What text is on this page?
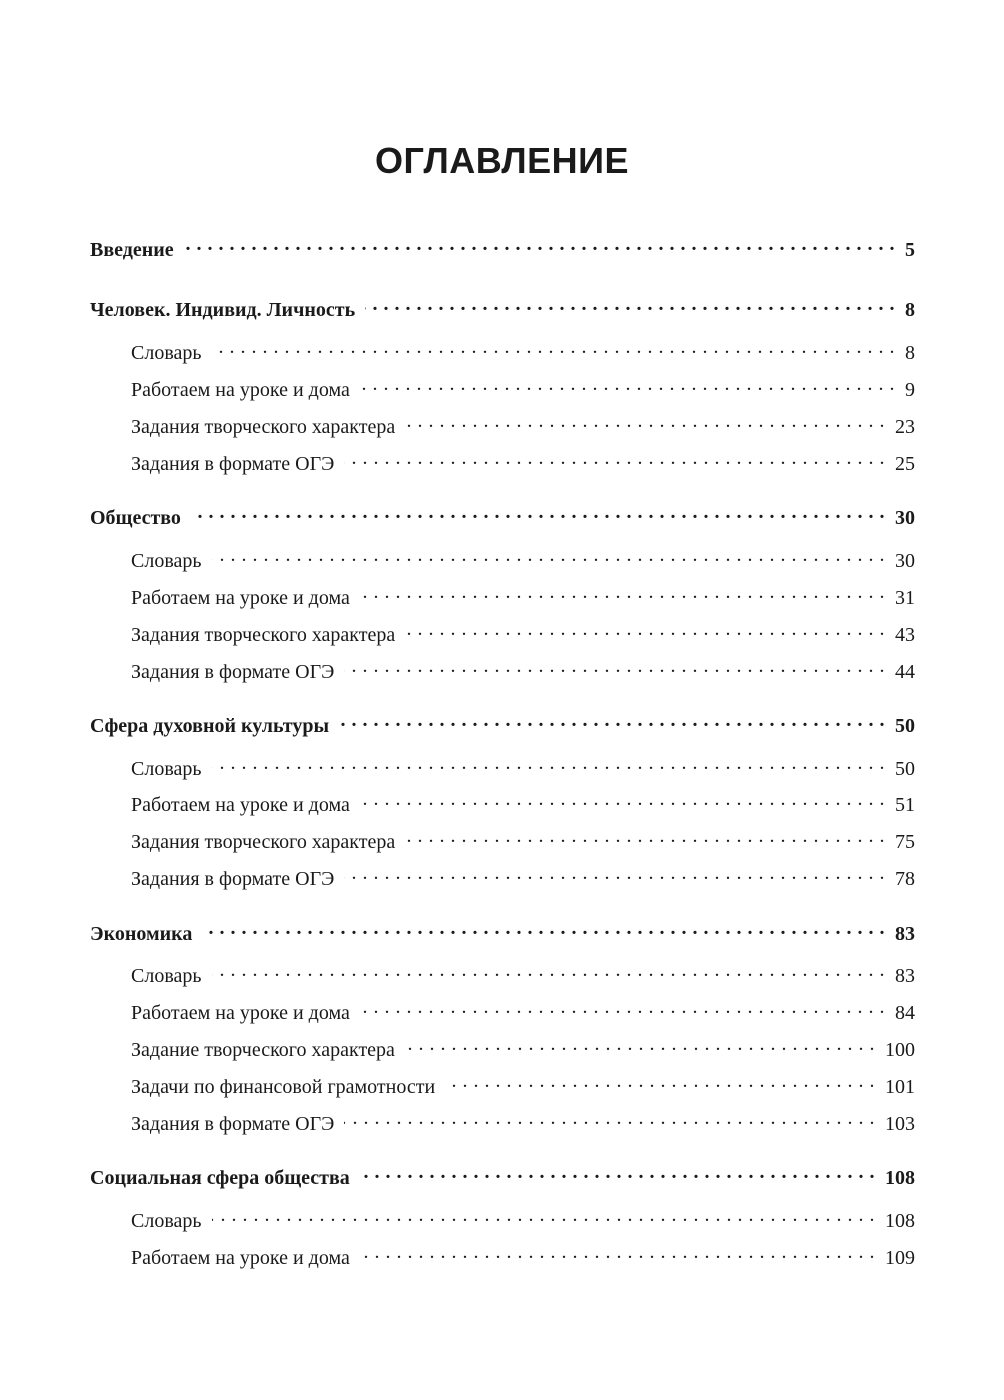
ОГЛАВЛЕНИЕ
Введение . . .	5
Человек. Индивид. Личность . . .	8
Словарь . . .	8
Работаем на уроке и дома . . .	9
Задания творческого характера . . .	23
Задания в формате ОГЭ . . .	25
Общество . . .	30
Словарь . . .	30
Работаем на уроке и дома . . .	31
Задания творческого характера . . .	43
Задания в формате ОГЭ . . .	44
Сфера духовной культуры . . .	50
Словарь . . .	50
Работаем на уроке и дома . . .	51
Задания творческого характера . . .	75
Задания в формате ОГЭ . . .	78
Экономика . . .	83
Словарь . . .	83
Работаем на уроке и дома . . .	84
Задание творческого характера . . .	100
Задачи по финансовой грамотности . . .	101
Задания в формате ОГЭ . . .	103
Социальная сфера общества . . .	108
Словарь . . .	108
Работаем на уроке и дома . . .	109
